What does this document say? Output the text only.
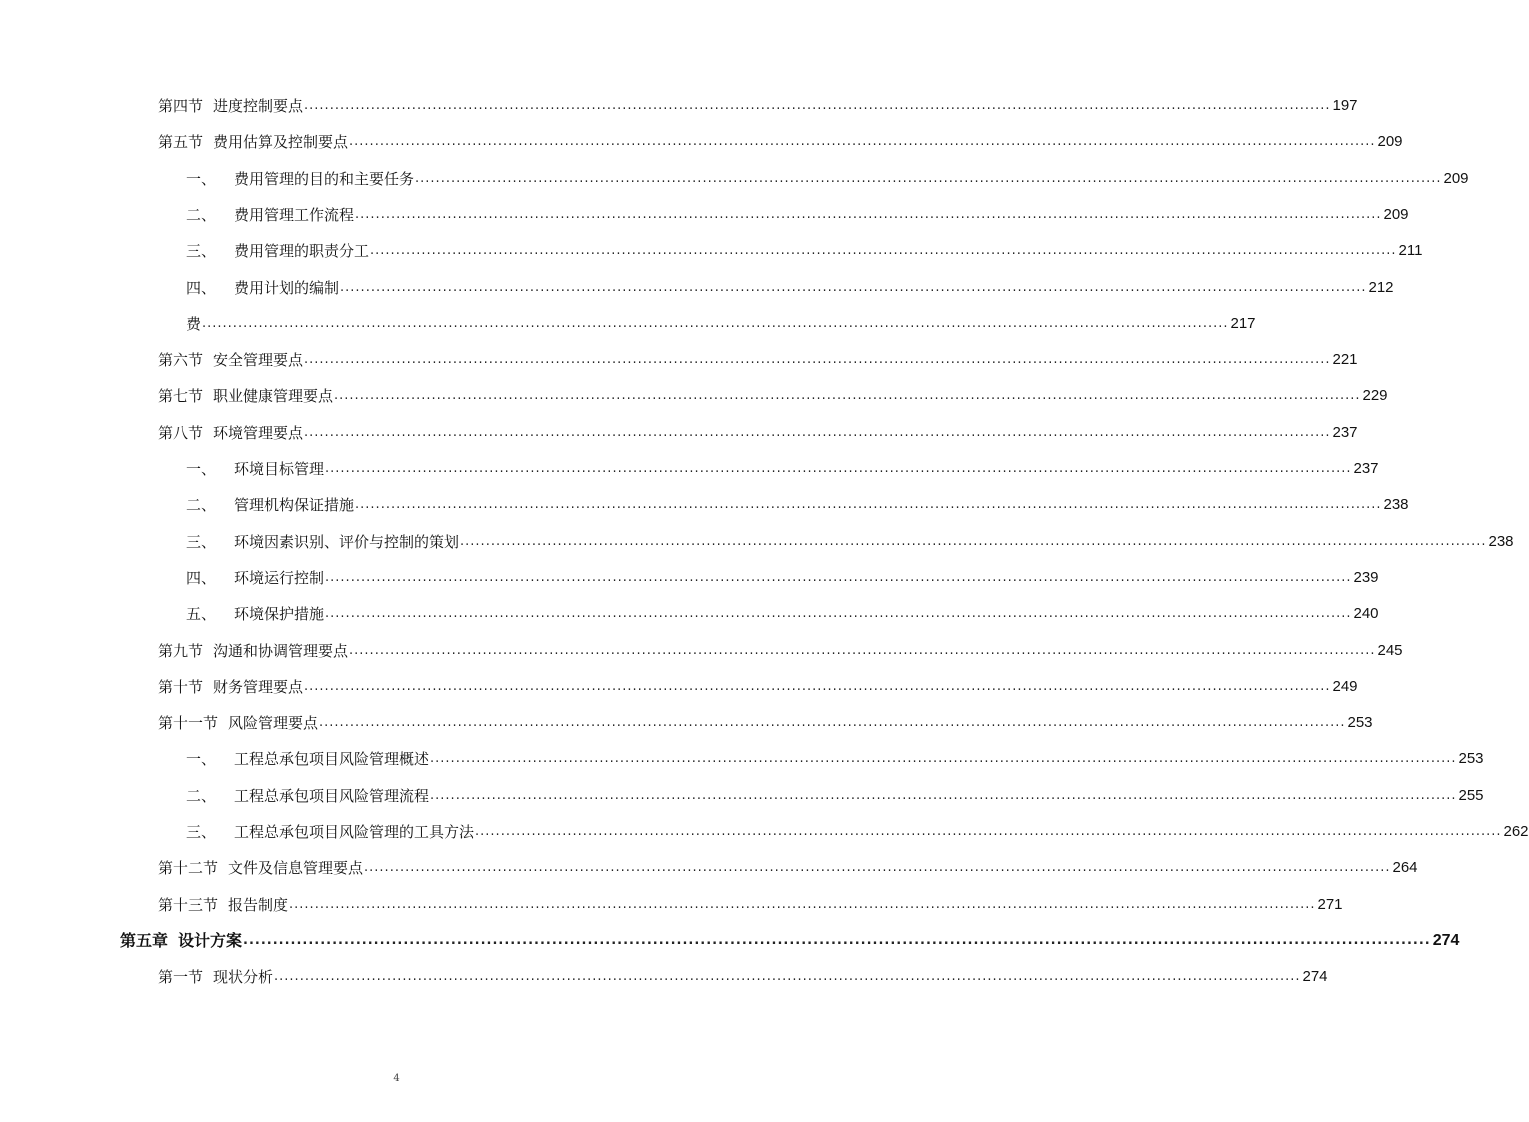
第四节 进度控制要点 ........................................................................................................................................................................................................ 197
第五节 费用估算及控制要点 ........................................................................................................................................................................................................ 209
一、 费用管理的目的和主要任务 ........................................................................................................................................................................................................ 209
二、 费用管理工作流程 ........................................................................................................................................................................................................ 209
三、 费用管理的职责分工 ........................................................................................................................................................................................................ 211
四、 费用计划的编制 ........................................................................................................................................................................................................ 212
费 ........................................................................................................................................................................................................ 217
第六节 安全管理要点 ........................................................................................................................................................................................................ 221
第七节 职业健康管理要点 ........................................................................................................................................................................................................ 229
第八节 环境管理要点 ........................................................................................................................................................................................................ 237
一、 环境目标管理 ........................................................................................................................................................................................................ 237
二、 管理机构保证措施 ........................................................................................................................................................................................................ 238
三、 环境因素识别、评价与控制的策划 ........................................................................................................................................................................................................ 238
四、 环境运行控制 ........................................................................................................................................................................................................ 239
五、 环境保护措施 ........................................................................................................................................................................................................ 240
第九节 沟通和协调管理要点 ........................................................................................................................................................................................................ 245
第十节 财务管理要点 ........................................................................................................................................................................................................ 249
第十一节 风险管理要点 ........................................................................................................................................................................................................ 253
一、 工程总承包项目风险管理概述 ........................................................................................................................................................................................................ 253
二、 工程总承包项目风险管理流程 ........................................................................................................................................................................................................ 255
三、 工程总承包项目风险管理的工具方法 ........................................................................................................................................................................................................ 262
第十二节 文件及信息管理要点 ........................................................................................................................................................................................................ 264
第十三节 报告制度 ........................................................................................................................................................................................................ 271
第五章 设计方案 ........................................................................................................................................................................................................ 274
第一节 现状分析 ........................................................................................................................................................................................................ 274
4
